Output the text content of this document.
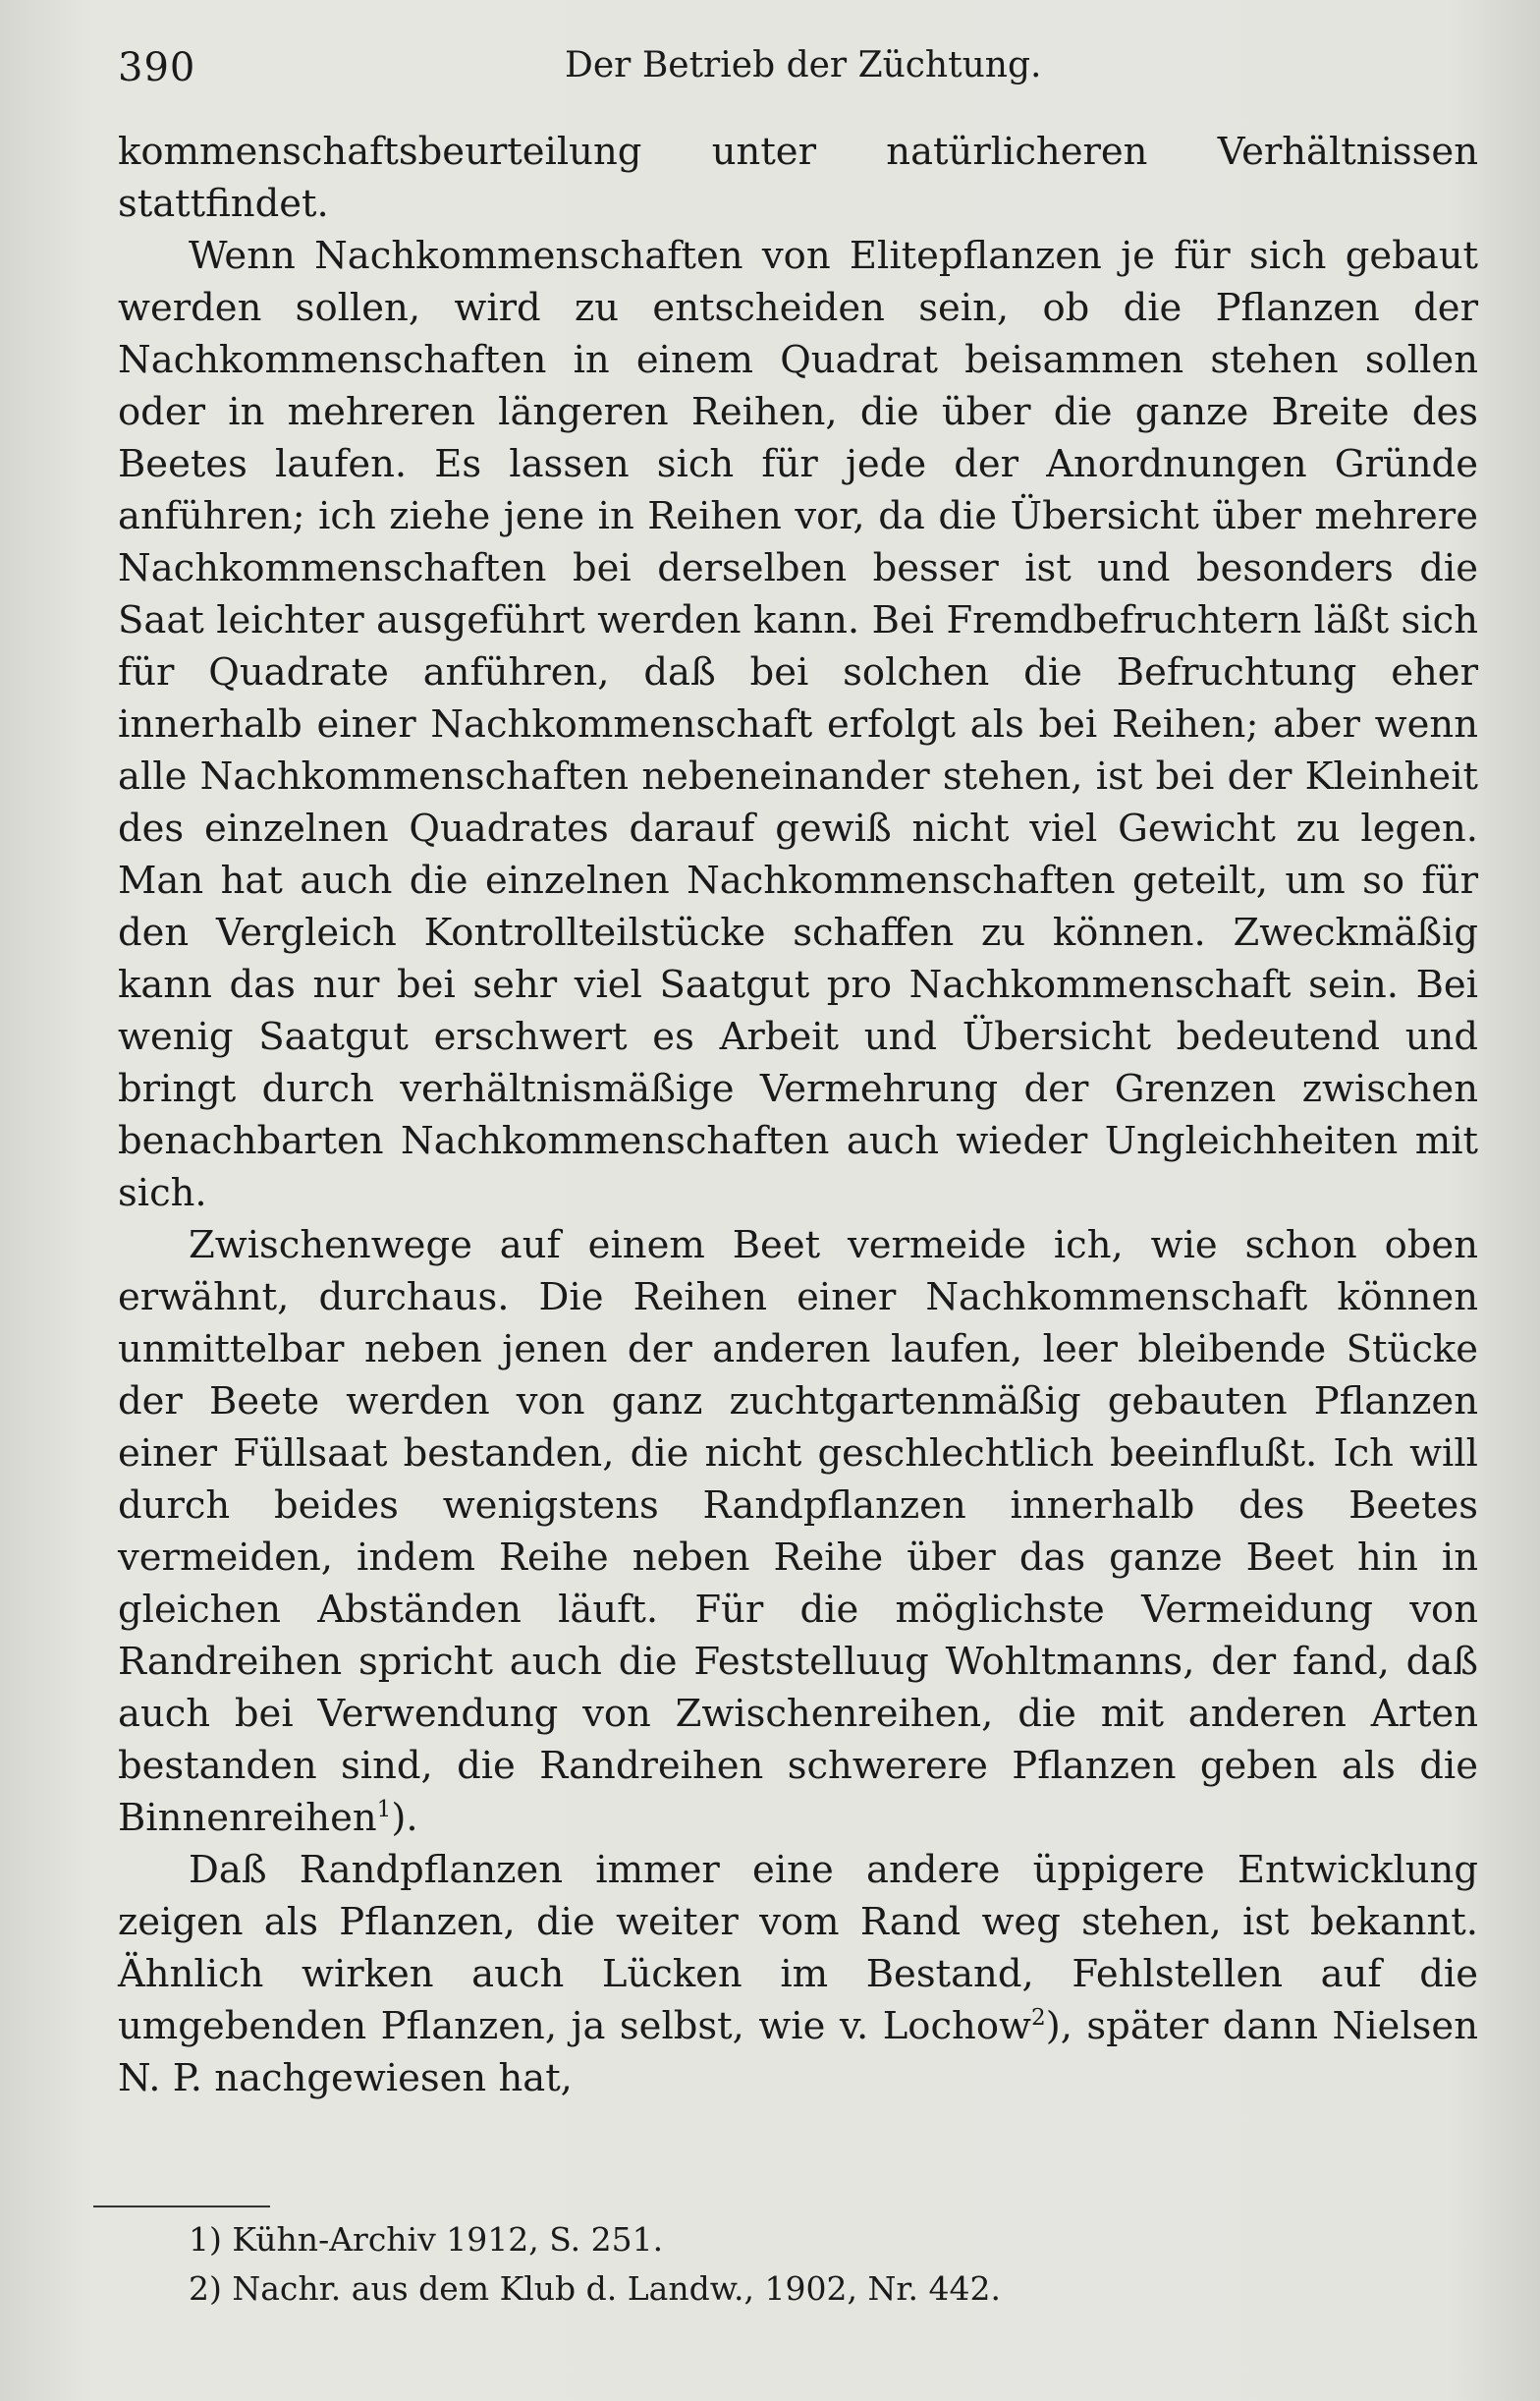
390	Der Betrieb der Züchtung.

kommenschaftsbeurteilung unter natürlicheren Verhältnissen stattfindet.

Wenn Nachkommenschaften von Elitepflanzen je für sich gebaut werden sollen, wird zu entscheiden sein, ob die Pflanzen der Nachkommenschaften in einem Quadrat beisammen stehen sollen oder in mehreren längeren Reihen, die über die ganze Breite des Beetes laufen. Es lassen sich für jede der Anordnungen Gründe anführen; ich ziehe jene in Reihen vor, da die Übersicht über mehrere Nachkommenschaften bei derselben besser ist und besonders die Saat leichter ausgeführt werden kann. Bei Fremdbefruchtern läßt sich für Quadrate anführen, daß bei solchen die Befruchtung eher innerhalb einer Nachkommenschaft erfolgt als bei Reihen; aber wenn alle Nachkommenschaften nebeneinander stehen, ist bei der Kleinheit des einzelnen Quadrates darauf gewiß nicht viel Gewicht zu legen. Man hat auch die einzelnen Nachkommenschaften geteilt, um so für den Vergleich Kontrollteilstücke schaffen zu können. Zweckmäßig kann das nur bei sehr viel Saatgut pro Nachkommenschaft sein. Bei wenig Saatgut erschwert es Arbeit und Übersicht bedeutend und bringt durch verhältnismäßige Vermehrung der Grenzen zwischen benachbarten Nachkommenschaften auch wieder Ungleichheiten mit sich.

Zwischenwege auf einem Beet vermeide ich, wie schon oben erwähnt, durchaus. Die Reihen einer Nachkommenschaft können unmittelbar neben jenen der anderen laufen, leer bleibende Stücke der Beete werden von ganz zuchtgartenmäßig gebauten Pflanzen einer Füllsaat bestanden, die nicht geschlechtlich beeinflußt. Ich will durch beides wenigstens Randpflanzen innerhalb des Beetes vermeiden, indem Reihe neben Reihe über das ganze Beet hin in gleichen Abständen läuft. Für die möglichste Vermeidung von Randreihen spricht auch die Feststelluug Wohltmanns, der fand, daß auch bei Verwendung von Zwischenreihen, die mit anderen Arten bestanden sind, die Randreihen schwerere Pflanzen geben als die Binnenreihen$^1$).

Daß Randpflanzen immer eine andere üppigere Entwicklung zeigen als Pflanzen, die weiter vom Rand weg stehen, ist bekannt. Ähnlich wirken auch Lücken im Bestand, Fehlstellen auf die umgebenden Pflanzen, ja selbst, wie v. Lochow$^2$), später dann Nielsen N. P. nachgewiesen hat,

1) Kühn-Archiv 1912, S. 251.
2) Nachr. aus dem Klub d. Landw., 1902, Nr. 442.
